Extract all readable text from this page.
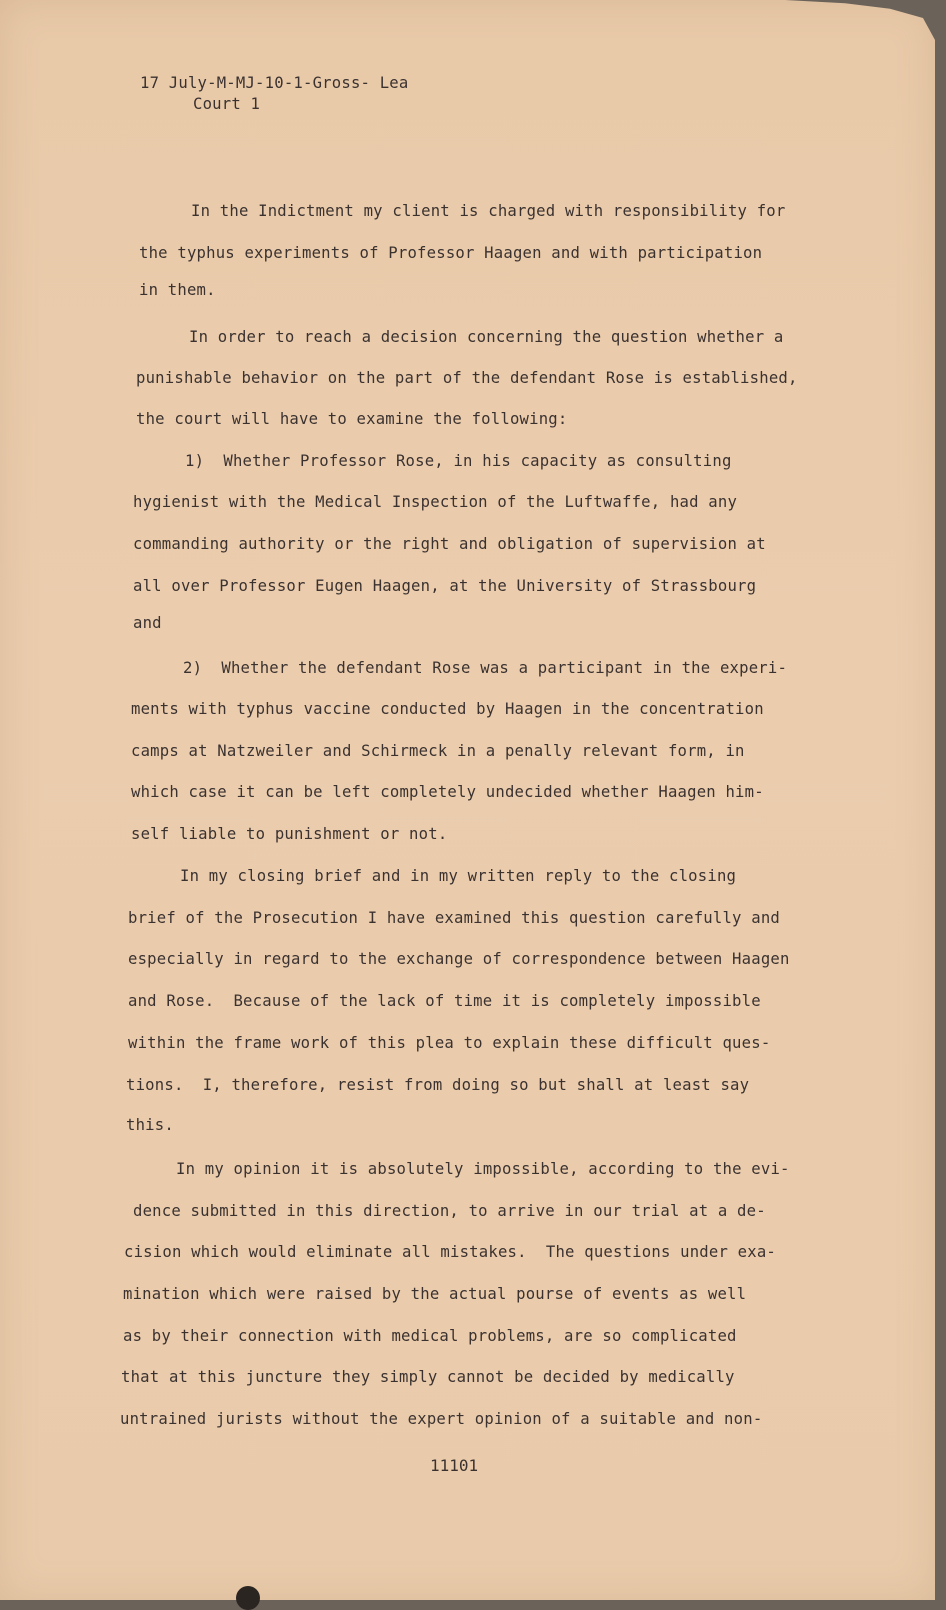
17 July-M-MJ-10-1-Gross- Lea
Court 1
In the Indictment my client is charged with responsibility for
the typhus experiments of Professor Haagen and with participation
in them.
In order to reach a decision concerning the question whether a
punishable behavior on the part of the defendant Rose is established,
the court will have to examine the following:
1)  Whether Professor Rose, in his capacity as consulting
hygienist with the Medical Inspection of the Luftwaffe, had any
commanding authority or the right and obligation of supervision at
all over Professor Eugen Haagen, at the University of Strassbourg
and
2)  Whether the defendant Rose was a participant in the experi-
ments with typhus vaccine conducted by Haagen in the concentration
camps at Natzweiler and Schirmeck in a penally relevant form, in
which case it can be left completely undecided whether Haagen him-
self liable to punishment or not.
In my closing brief and in my written reply to the closing
brief of the Prosecution I have examined this question carefully and
especially in regard to the exchange of correspondence between Haagen
and Rose.  Because of the lack of time it is completely impossible
within the frame work of this plea to explain these difficult ques-
tions.  I, therefore, resist from doing so but shall at least say
this.
In my opinion it is absolutely impossible, according to the evi-
dence submitted in this direction, to arrive in our trial at a de-
cision which would eliminate all mistakes.  The questions under exa-
mination which were raised by the actual pourse of events as well
as by their connection with medical problems, are so complicated
that at this juncture they simply cannot be decided by medically
untrained jurists without the expert opinion of a suitable and non-
11101
